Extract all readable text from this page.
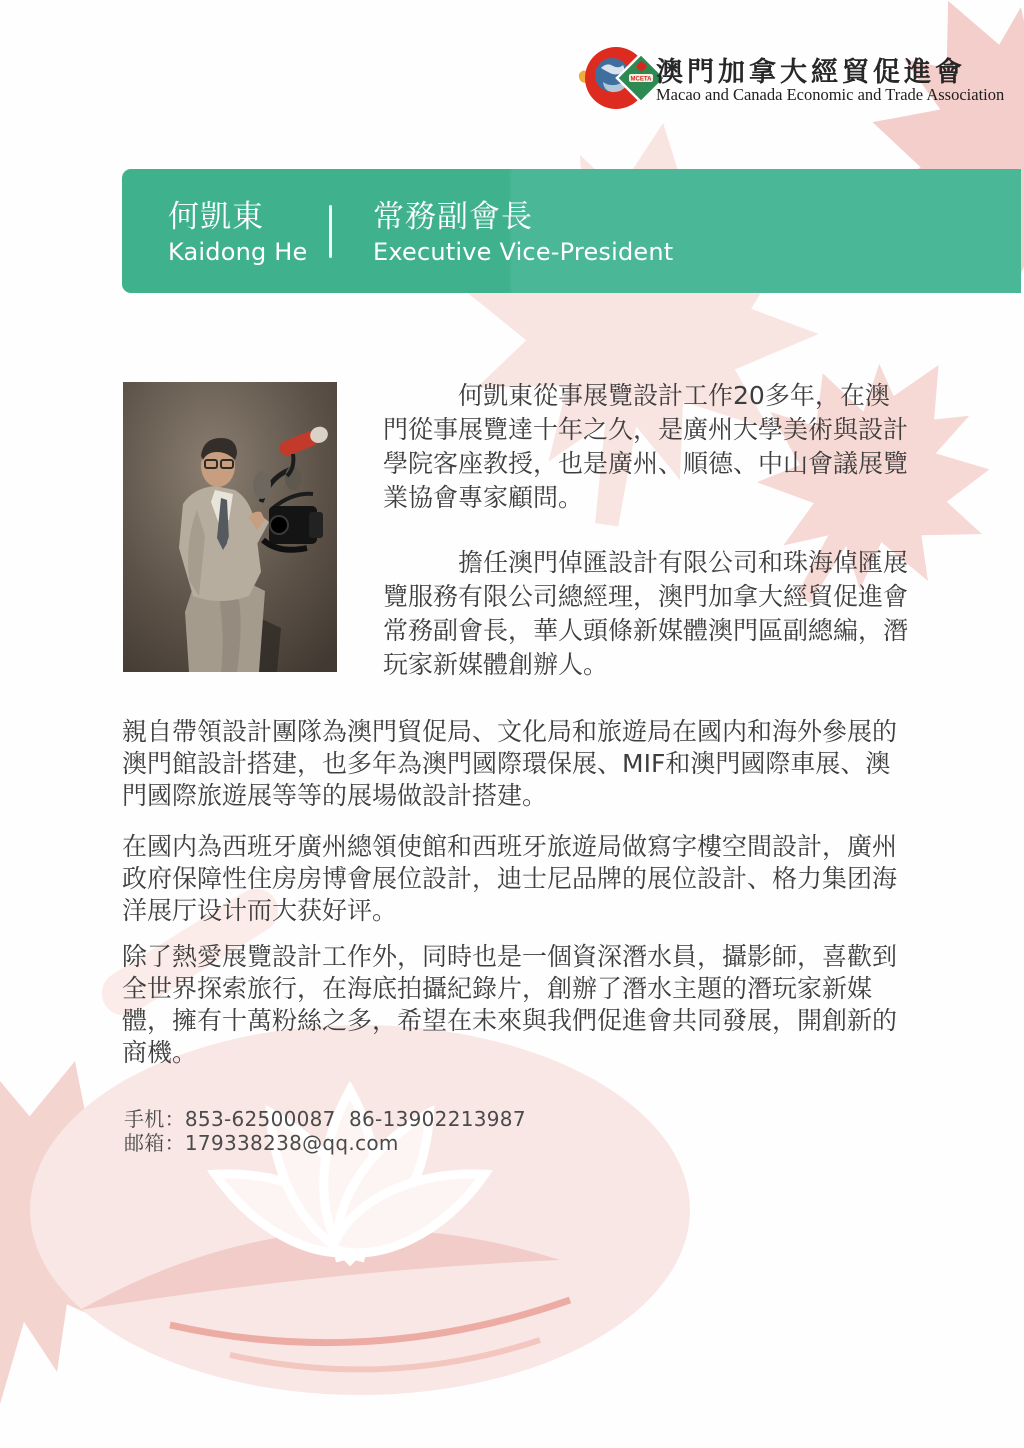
MCETA 澳門加拿大經貿促進會
Macao and Canada Economic and Trade Association
何凱東
Kaidong He
常務副會長
Executive Vice-President

何凱東從事展覽設計工作20多年，在澳門從事展覽達十年之久，是廣州大學美術與設計學院客座教授，也是廣州、順德、中山會議展覽業協會專家顧問。

擔任澳門倬匯設計有限公司和珠海倬匯展覽服務有限公司總經理，澳門加拿大經貿促進會常務副會長，華人頭條新媒體澳門區副總編，潛玩家新媒體創辦人。

親自帶領設計團隊為澳門貿促局、文化局和旅遊局在國内和海外參展的澳門館設計搭建，也多年為澳門國際環保展、MIF和澳門國際車展、澳門國際旅遊展等等的展場做設計搭建。

在國内為西班牙廣州總領使館和西班牙旅遊局做寫字樓空間設計，廣州政府保障性住房房博會展位設計，迪士尼品牌的展位設計、格力集团海洋展厅设计而大获好评。

除了熱愛展覽設計工作外，同時也是一個資深潛水員，攝影師，喜歡到全世界探索旅行，在海底拍攝紀錄片，創辦了潛水主題的潛玩家新媒體，擁有十萬粉絲之多，希望在未來與我們促進會共同發展，開創新的商機。

手机：853-62500087  86-13902213987
邮箱：179338238@qq.com
